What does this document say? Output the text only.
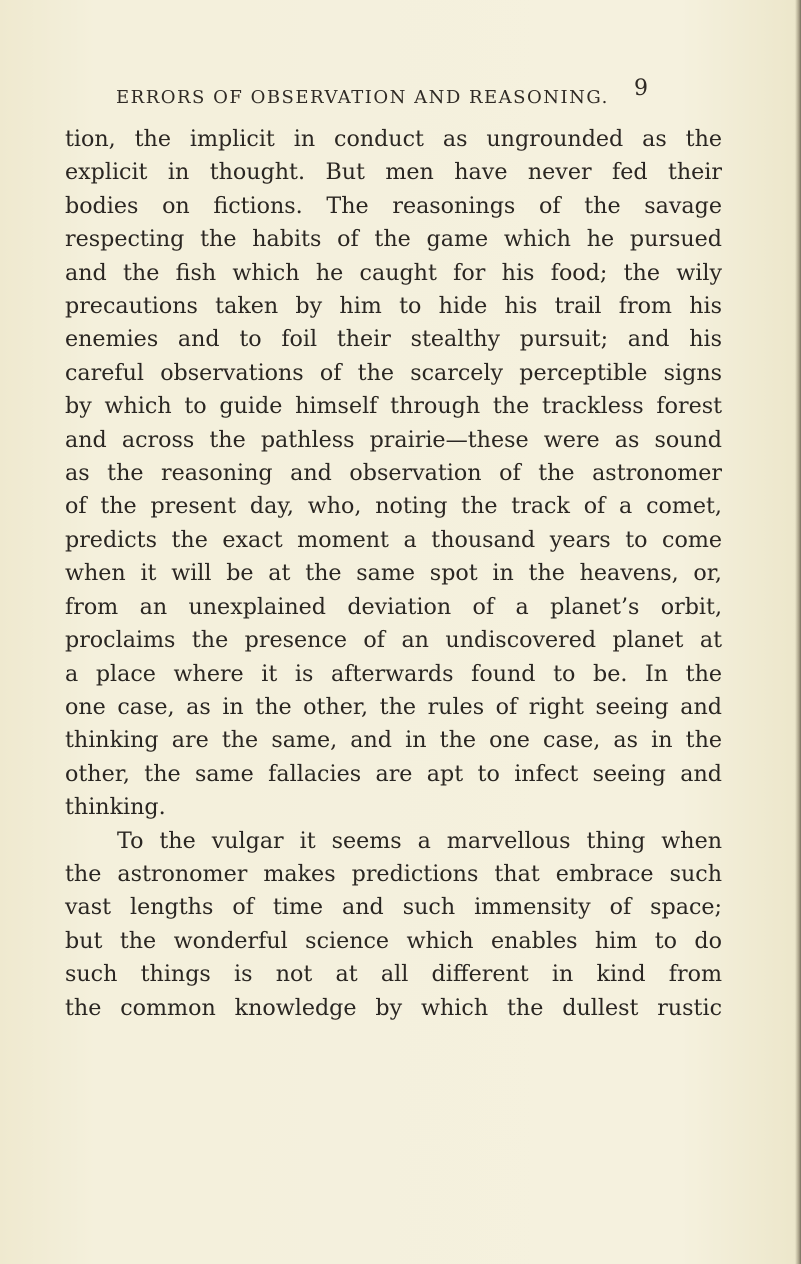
ERRORS OF OBSERVATION AND REASONING. 9
tion, the implicit in conduct as ungrounded as the
explicit in thought. But men have never fed their
bodies on fictions. The reasonings of the savage
respecting the habits of the game which he pursued
and the fish which he caught for his food; the wily
precautions taken by him to hide his trail from his
enemies and to foil their stealthy pursuit; and his
careful observations of the scarcely perceptible signs
by which to guide himself through the trackless forest
and across the pathless prairie—these were as sound
as the reasoning and observation of the astronomer
of the present day, who, noting the track of a comet,
predicts the exact moment a thousand years to come
when it will be at the same spot in the heavens, or,
from an unexplained deviation of a planet’s orbit,
proclaims the presence of an undiscovered planet at
a place where it is afterwards found to be. In the
one case, as in the other, the rules of right seeing and
thinking are the same, and in the one case, as in the
other, the same fallacies are apt to infect seeing and
thinking.
To the vulgar it seems a marvellous thing when
the astronomer makes predictions that embrace such
vast lengths of time and such immensity of space;
but the wonderful science which enables him to do
such things is not at all different in kind from
the common knowledge by which the dullest rustic
